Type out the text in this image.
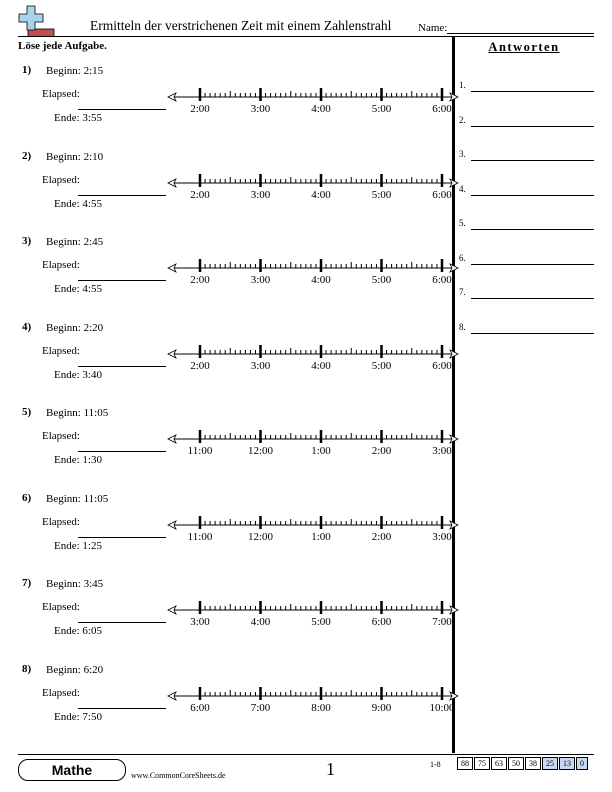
Ermitteln der verstrichenen Zeit mit einem Zahlenstrahl Name:
Löse jede Aufgabe.	Antworten
1.
2.
3.
4.
5.
6.
7.
8.
1) Beginn: 2:15
Elapsed:
Ende: 3:55
2:00	3:00	4:00	5:00	6:00
2) Beginn: 2:10
Elapsed:
Ende: 4:55
2:00	3:00	4:00	5:00	6:00
3) Beginn: 2:45
Elapsed:
Ende: 4:55
2:00	3:00	4:00	5:00	6:00
4) Beginn: 2:20
Elapsed:
Ende: 3:40
2:00	3:00	4:00	5:00	6:00
5) Beginn: 11:05
Elapsed:
Ende: 1:30
11:00	12:00	1:00	2:00	3:00
6) Beginn: 11:05
Elapsed:
Ende: 1:25
11:00	12:00	1:00	2:00	3:00
7) Beginn: 3:45
Elapsed:
Ende: 6:05
3:00	4:00	5:00	6:00	7:00
8) Beginn: 6:20
Elapsed:
Ende: 7:50
6:00	7:00	8:00	9:00	10:00
Mathe	www.CommonCoreSheets.de	1	1-8	88	75	63	50	38	25	13	0
